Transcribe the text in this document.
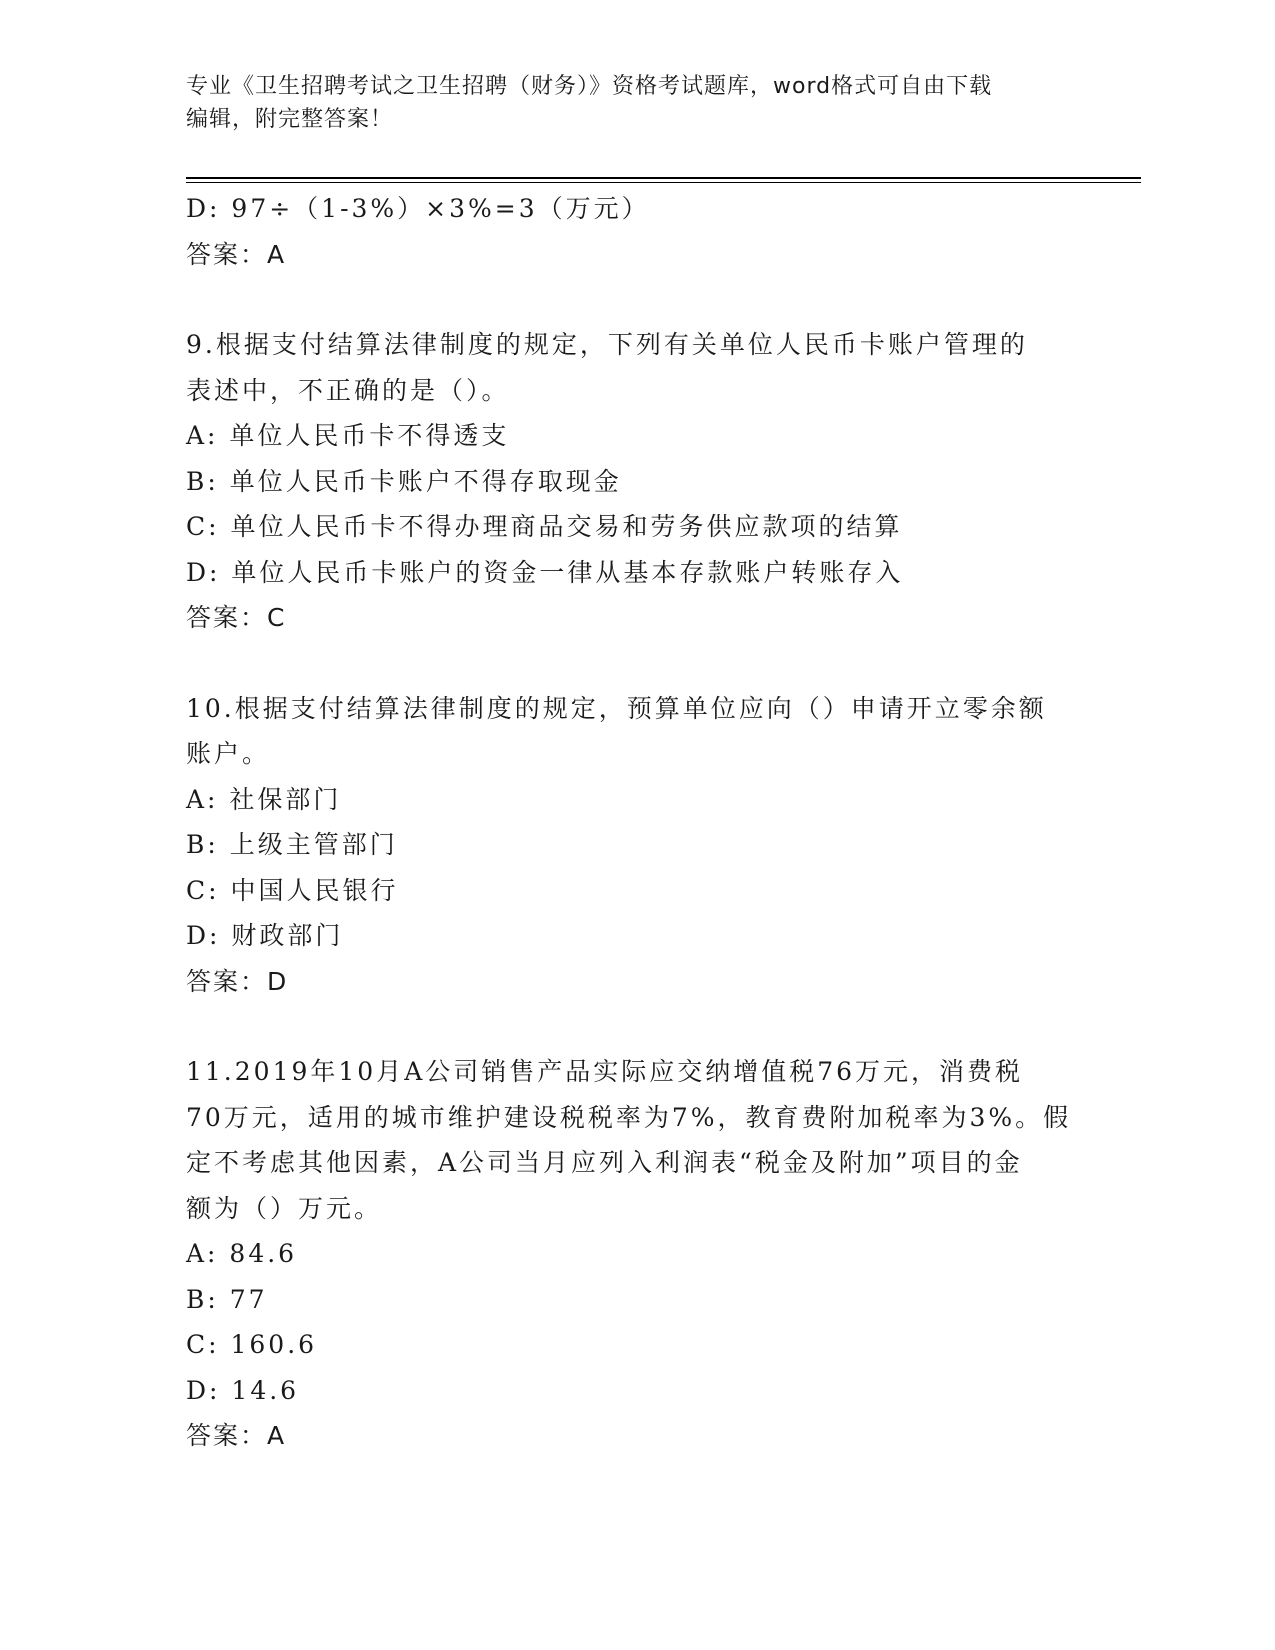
专业《卫生招聘考试之卫生招聘（财务）》资格考试题库，word格式可自由下载
编辑，附完整答案！
D: 97÷（1-3%）×3%=3（万元）
答案：A
9.根据支付结算法律制度的规定，下列有关单位人民币卡账户管理的
表述中，不正确的是（）。
A: 单位人民币卡不得透支
B: 单位人民币卡账户不得存取现金
C: 单位人民币卡不得办理商品交易和劳务供应款项的结算
D: 单位人民币卡账户的资金一律从基本存款账户转账存入
答案：C
10.根据支付结算法律制度的规定，预算单位应向（）申请开立零余额
账户。
A: 社保部门
B: 上级主管部门
C: 中国人民银行
D: 财政部门
答案：D
11.2019年10月A公司销售产品实际应交纳增值税76万元，消费税
70万元，适用的城市维护建设税税率为7%，教育费附加税率为3%。假
定不考虑其他因素，A公司当月应列入利润表“税金及附加”项目的金
额为（）万元。
A: 84.6
B: 77
C: 160.6
D: 14.6
答案：A
